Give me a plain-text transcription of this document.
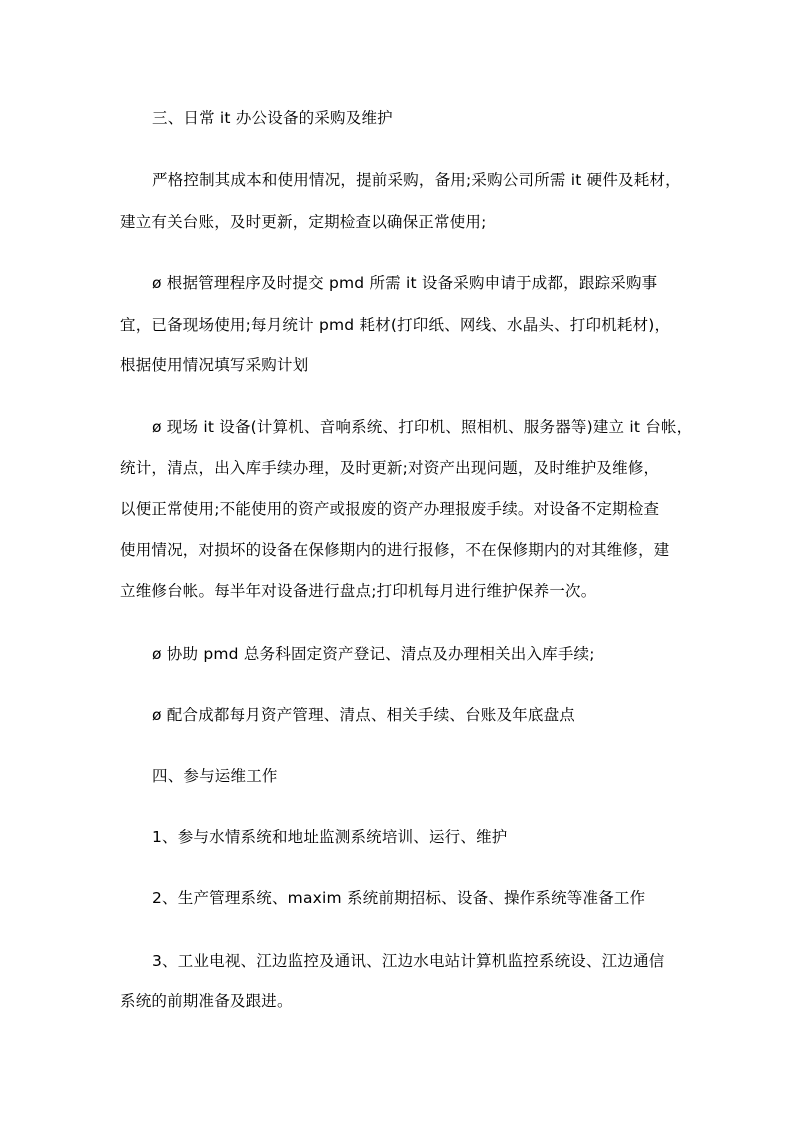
三、日常 it 办公设备的采购及维护
严格控制其成本和使用情况，提前采购，备用;采购公司所需 it 硬件及耗材，
建立有关台账，及时更新，定期检查以确保正常使用;
ø 根据管理程序及时提交 pmd 所需 it 设备采购申请于成都，跟踪采购事
宜，已备现场使用;每月统计 pmd 耗材(打印纸、网线、水晶头、打印机耗材)，
根据使用情况填写采购计划
ø 现场 it 设备(计算机、音响系统、打印机、照相机、服务器等)建立 it 台帐，
统计，清点，出入库手续办理，及时更新;对资产出现问题，及时维护及维修，
以便正常使用;不能使用的资产或报废的资产办理报废手续。对设备不定期检查
使用情况，对损坏的设备在保修期内的进行报修，不在保修期内的对其维修，建
立维修台帐。每半年对设备进行盘点;打印机每月进行维护保养一次。
ø 协助 pmd 总务科固定资产登记、清点及办理相关出入库手续;
ø 配合成都每月资产管理、清点、相关手续、台账及年底盘点
四、参与运维工作
1、参与水情系统和地址监测系统培训、运行、维护
2、生产管理系统、maxim 系统前期招标、设备、操作系统等准备工作
3、工业电视、江边监控及通讯、江边水电站计算机监控系统设、江边通信
系统的前期准备及跟进。
